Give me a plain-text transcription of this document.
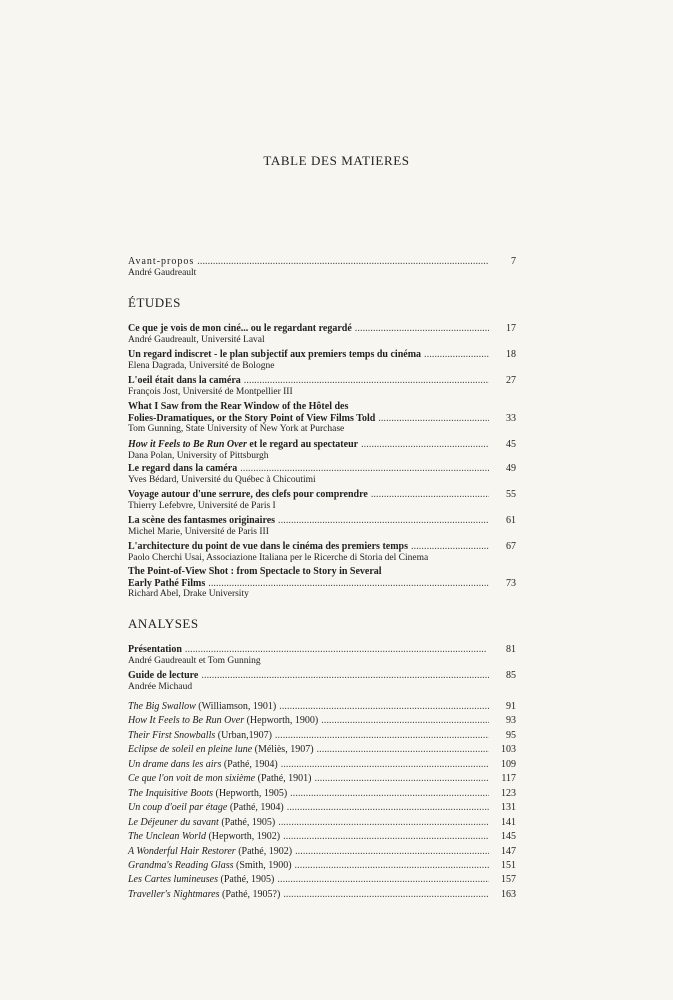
TABLE DES MATIERES
Avant-propos . . .	7
André Gaudreault
ÉTUDES
Ce que je vois de mon ciné... ou le regardant regardé . . .	17
André Gaudreault, Université Laval
Un regard indiscret - le plan subjectif aux premiers temps du cinéma . . .	18
Elena Dagrada, Université de Bologne
L'oeil était dans la caméra . . .	27
François Jost, Université de Montpellier III
What I Saw from the Rear Window of the Hôtel des
Folies-Dramatiques, or the Story Point of View Films Told . . .	33
Tom Gunning, State University of New York at Purchase
How it Feels to Be Run Over et le regard au spectateur . . .	45
Dana Polan, University of Pittsburgh
Le regard dans la caméra . . .	49
Yves Bédard, Université du Québec à Chicoutimi
Voyage autour d'une serrure, des clefs pour comprendre . . .	55
Thierry Lefebvre, Université de Paris I
La scène des fantasmes originaires . . .	61
Michel Marie, Université de Paris III
L'architecture du point de vue dans le cinéma des premiers temps . . .	67
Paolo Cherchi Usai, Associazione Italiana per le Ricerche di Storia del Cinema
The Point-of-View Shot : from Spectacle to Story in Several
Early Pathé Films . . .	73
Richard Abel, Drake University
ANALYSES
Présentation . . .	81
André Gaudreault et Tom Gunning
Guide de lecture . . .	85
Andrée Michaud
The Big Swallow (Williamson, 1901) . . .	91
How It Feels to Be Run Over (Hepworth, 1900) . . .	93
Their First Snowballs (Urban,1907) . . .	95
Eclipse de soleil en pleine lune (Méliès, 1907) . . .	103
Un drame dans les airs (Pathé, 1904) . . .	109
Ce que l'on voit de mon sixième (Pathé, 1901) . . .	117
The Inquisitive Boots (Hepworth, 1905) . . .	123
Un coup d'oeil par étage (Pathé, 1904) . . .	131
Le Déjeuner du savant (Pathé, 1905) . . .	141
The Unclean World (Hepworth, 1902) . . .	145
A Wonderful Hair Restorer (Pathé, 1902) . . .	147
Grandma's Reading Glass (Smith, 1900) . . .	151
Les Cartes lumineuses (Pathé, 1905) . . .	157
Traveller's Nightmares (Pathé, 1905?) . . .	163
